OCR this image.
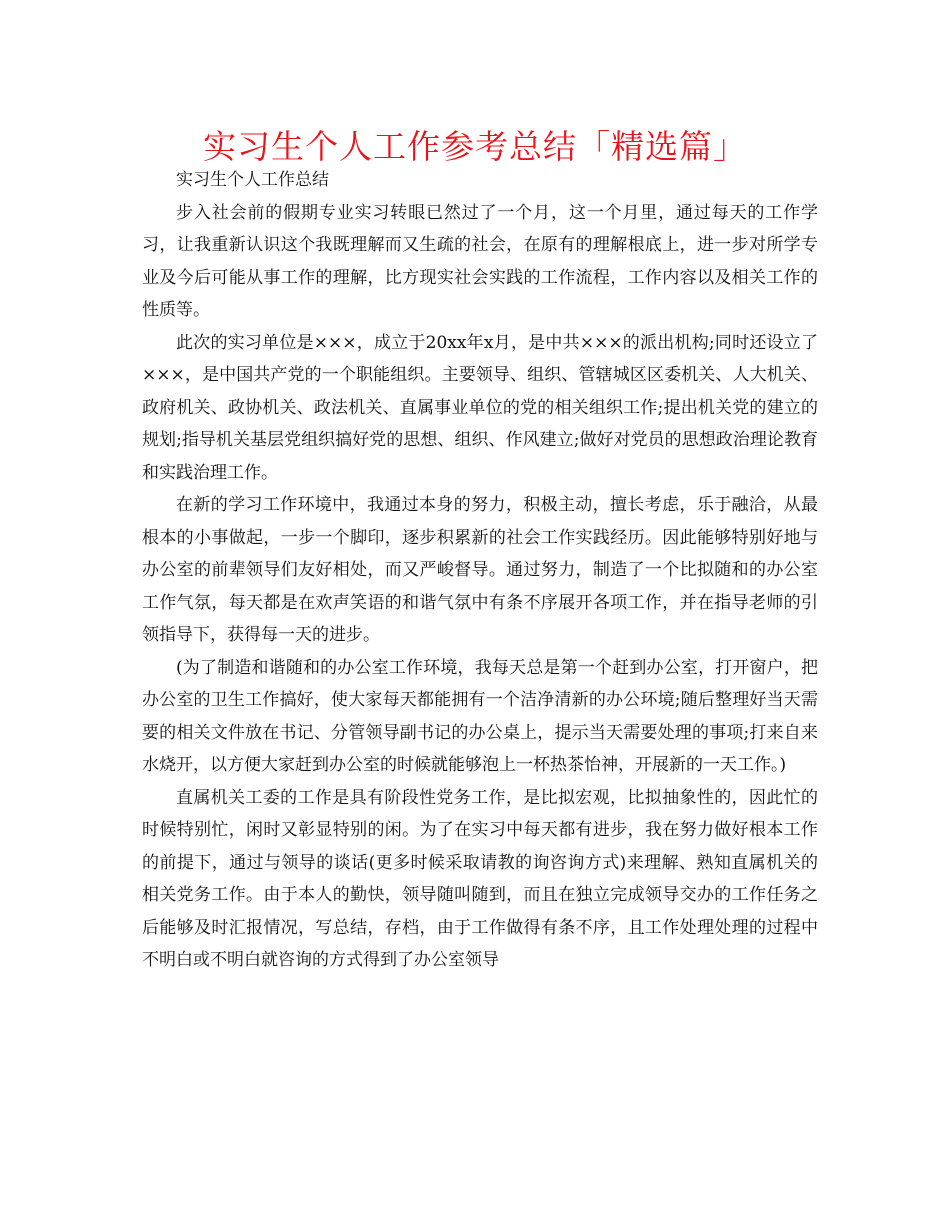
实习生个人工作参考总结「精选篇」

实习生个人工作总结

步入社会前的假期专业实习转眼已然过了一个月，这一个月里，通过每天的工作学习，让我重新认识这个我既理解而又生疏的社会，在原有的理解根底上，进一步对所学专业及今后可能从事工作的理解，比方现实社会实践的工作流程，工作内容以及相关工作的性质等。

此次的实习单位是×××，成立于20xx年x月，是中共×××的派出机构;同时还设立了×××，是中国共产党的一个职能组织。主要领导、组织、管辖城区区委机关、人大机关、政府机关、政协机关、政法机关、直属事业单位的党的相关组织工作;提出机关党的建立的规划;指导机关基层党组织搞好党的思想、组织、作风建立;做好对党员的思想政治理论教育和实践治理工作。

在新的学习工作环境中，我通过本身的努力，积极主动，擅长考虑，乐于融洽，从最根本的小事做起，一步一个脚印，逐步积累新的社会工作实践经历。因此能够特别好地与办公室的前辈领导们友好相处，而又严峻督导。通过努力，制造了一个比拟随和的办公室工作气氛，每天都是在欢声笑语的和谐气氛中有条不序展开各项工作，并在指导老师的引领指导下，获得每一天的进步。

(为了制造和谐随和的办公室工作环境，我每天总是第一个赶到办公室，打开窗户，把办公室的卫生工作搞好，使大家每天都能拥有一个洁净清新的办公环境;随后整理好当天需要的相关文件放在书记、分管领导副书记的办公桌上，提示当天需要处理的事项;打来自来水烧开，以方便大家赶到办公室的时候就能够泡上一杯热茶怡神，开展新的一天工作。)

直属机关工委的工作是具有阶段性党务工作，是比拟宏观，比拟抽象性的，因此忙的时候特别忙，闲时又彰显特别的闲。为了在实习中每天都有进步，我在努力做好根本工作的前提下，通过与领导的谈话(更多时候采取请教的询咨询方式)来理解、熟知直属机关的相关党务工作。由于本人的勤快，领导随叫随到，而且在独立完成领导交办的工作任务之后能够及时汇报情况，写总结，存档，由于工作做得有条不序，且工作处理处理的过程中不明白或不明白就咨询的方式得到了办公室领导
